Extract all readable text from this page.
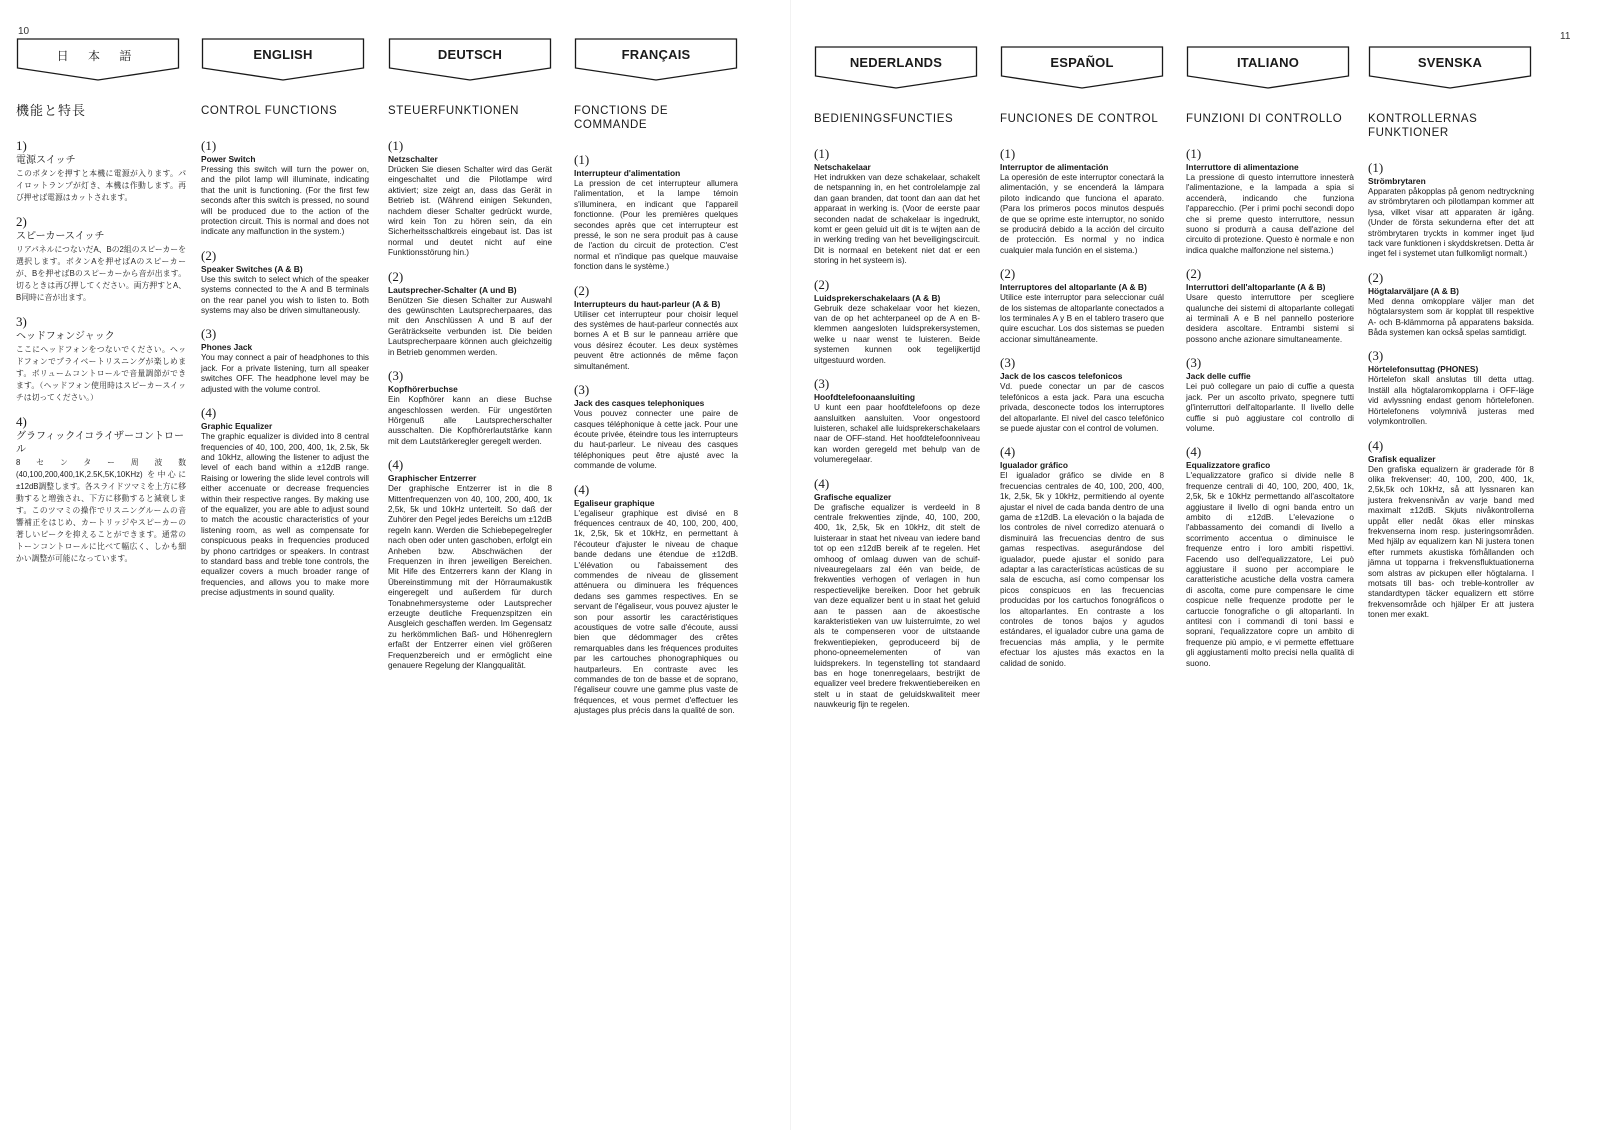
10	11
日 本 語
機能と特長
1)
電源スイッチ
このボタンを押すと本機に電源が入ります。パイロットランプが灯き、本機は作動します。再び押せば電源はカットされます。
2)
スピーカースイッチ
リアパネルにつないだA、Bの2組のスピーカーを選択します。ボタンAを押せばAのスピーカーが、Bを押せばBのスピーカーから音が出ます。切るときは再び押してください。両方押すとA、B同時に音が出ます。
3)
ヘッドフォンジャック
ここにヘッドフォンをつないでください。ヘッドフォンでプライベートリスニングが楽しめます。ボリュームコントロールで音量調節ができます。（ヘッドフォン使用時はスピーカースイッチは切ってください。）
4)
グラフィックイコライザーコントロール
8センター周波数(40,100,200,400,1K,2.5K,5K,10KHz) を中心に±12dB調整します。各スライドツマミを上方に移動すると増強され、下方に移動すると減衰します。このツマミの操作でリスニングルームの音響補正をはじめ、カートリッジやスピーカーの著しいピークを抑えることができます。通常のトーンコントロールに比べて幅広く、しかも細かい調整が可能になっています。
ENGLISH
CONTROL FUNCTIONS
(1)
Power Switch
Pressing this switch will turn the power on, and the pilot lamp will illuminate, indicating that the unit is functioning. (For the first few seconds after this switch is pressed, no sound will be produced due to the action of the protection circuit. This is normal and does not indicate any malfunction in the system.)
(2)
Speaker Switches (A & B)
Use this switch to select which of the speaker systems connected to the A and B terminals on the rear panel you wish to listen to. Both systems may also be driven simultaneously.
(3)
Phones Jack
You may connect a pair of headphones to this jack. For a private listening, turn all speaker switches OFF. The headphone level may be adjusted with the volume control.
(4)
Graphic Equalizer
The graphic equalizer is divided into 8 central frequencies of 40, 100, 200, 400, 1k, 2.5k, 5k and 10kHz, allowing the listener to adjust the level of each band within a ±12dB range. Raising or lowering the slide level controls will either accenuate or decrease frequencies within their respective ranges. By making use of the equalizer, you are able to adjust sound to match the acoustic characteristics of your listening room, as well as compensate for conspicuous peaks in frequencies produced by phono cartridges or speakers. In contrast to standard bass and treble tone controls, the equalizer covers a much broader range of frequencies, and allows you to make more precise adjustments in sound quality.
DEUTSCH
STEUERFUNKTIONEN
(1)
Netzschalter
Drücken Sie diesen Schalter wird das Gerät eingeschaltet und die Pilotlampe wird aktiviert; size zeigt an, dass das Gerät in Betrieb ist. (Während einigen Sekunden, nachdem dieser Schalter gedrückt wurde, wird kein Ton zu hören sein, da ein Sicherheitsschaltkreis eingebaut ist. Das ist normal und deutet nicht auf eine Funktionsstörung hin.)
(2)
Lautsprecher-Schalter (A und B)
Benützen Sie diesen Schalter zur Auswahl des gewünschten Lautsprecherpaares, das mit den Anschlüssen A und B auf der Geräträckseite verbunden ist. Die beiden Lautsprecherpaare können auch gleichzeitig in Betrieb genommen werden.
(3)
Kopfhörerbuchse
Ein Kopfhörer kann an diese Buchse angeschlossen werden. Für ungestörten Hörgenuß alle Lautsprecherschalter ausschalten. Die Kopfhörerlautstärke kann mit dem Lautstärkeregler geregelt werden.
(4)
Graphischer Entzerrer
Der graphische Entzerrer ist in die 8 Mittenfrequenzen von 40, 100, 200, 400, 1k 2,5k, 5k und 10kHz unterteilt. So daß der Zuhörer den Pegel jedes Bereichs um ±12dB regeln kann. Werden die Schiebepegelregler nach oben oder unten gaschoben, erfolgt ein Anheben bzw. Abschwächen der Frequenzen in ihren jeweiligen Bereichen. Mit Hife des Entzerrers kann der Klang in Übereinstimmung mit der Hörraumakustik eingeregelt und außerdem für durch Tonabnehmersysteme oder Lautsprecher erzeugte deutliche Frequenzspitzen ein Ausgleich geschaffen werden. Im Gegensatz zu herkömmlichen Baß- und Höhenreglern erfaßt der Entzerrer einen viel größeren Frequenzbereich und er ermöglicht eine genauere Regelung der Klangqualität.
FRANÇAIS
FONCTIONS DE COMMANDE
(1)
Interrupteur d'alimentation
La pression de cet interrupteur allumera l'alimentation, et la lampe témoin s'illuminera, en indicant que l'appareil fonctionne. (Pour les premières quelques secondes après que cet interrupteur est pressé, le son ne sera produit pas à cause de l'action du circuit de protection. C'est normal et n'indique pas quelque mauvaise fonction dans le système.)
(2)
Interrupteurs du haut-parleur (A & B)
Utiliser cet interrupteur pour choisir lequel des systèmes de haut-parleur connectés aux bornes A et B sur le panneau arrière que vous désirez écouter. Les deux systèmes peuvent être actionnés de même façon simultanément.
(3)
Jack des casques telephoniques
Vous pouvez connecter une paire de casques téléphonique à cette jack. Pour une écoute privée, éteindre tous les interrupteurs du haut-parleur. Le niveau des casques téléphoniques peut être ajusté avec la commande de volume.
(4)
Egaliseur graphique
L'egaliseur graphique est divisé en 8 fréquences centraux de 40, 100, 200, 400, 1k, 2,5k, 5k et 10kHz, en permettant à l'écouteur d'ajuster le niveau de chaque bande dedans une étendue de ±12dB. L'élévation ou l'abaissement des commendes de niveau de glissement atténuera ou diminuera les fréquences dedans ses gammes respectives. En se servant de l'égaliseur, vous pouvez ajuster le son pour assortir les caractéristiques acoustiques de votre salle d'écoute, aussi bien que dédommager des crêtes remarquables dans les fréquences produites par les cartouches phonographiques ou hautparleurs. En contraste avec les commandes de ton de basse et de soprano, l'égaliseur couvre une gamme plus vaste de fréquences, et vous permet d'effectuer les ajustages plus précis dans la qualité de son.
NEDERLANDS
BEDIENINGSFUNCTIES
(1)
Netschakelaar
Het indrukken van deze schakelaar, schakelt de netspanning in, en het controlelampje zal dan gaan branden, dat toont dan aan dat het apparaat in werking is. (Voor de eerste paar seconden nadat de schakelaar is ingedrukt, komt er geen geluid uit dit is te wijten aan de in werking treding van het beveiligingscircuit. Dit is normaal en betekent niet dat er een storing in het systeem is).
(2)
Luidsprekerschakelaars (A & B)
Gebruik deze schakelaar voor het kiezen, van de op het achterpaneel op de A en B-klemmen aangesloten luidsprekersystemen, welke u naar wenst te luisteren. Beide systemen kunnen ook tegelijkertijd uitgestuurd worden.
(3)
Hoofdtelefoonaansluiting
U kunt een paar hoofdtelefoons op deze aansluitken aansluiten. Voor ongestoord luisteren, schakel alle luidsprekerschakelaars naar de OFF-stand. Het hoofdtelefoonniveau kan worden geregeld met behulp van de volumeregelaar.
(4)
Grafische equalizer
De grafische equalizer is verdeeld in 8 centrale frekwenties zijnde, 40, 100, 200, 400, 1k, 2,5k, 5k en 10kHz, dit stelt de luisteraar in staat het niveau van iedere band tot op een ±12dB bereik af te regelen. Het omhoog of omlaag duwen van de schuif-niveauregelaars zal één van beide, de frekwenties verhogen of verlagen in hun respectievelijke bereiken. Door het gebruik van deze equalizer bent u in staat het geluid aan te passen aan de akoestische karakteristieken van uw luisterruimte, zo wel als te compenseren voor de uitstaande frekwentiepieken, geproduceerd bij de phono-opneemelementen of van luidsprekers. In tegenstelling tot standaard bas en hoge tonenregelaars, bestrijkt de equalizer veel bredere frekwentiebereiken en stelt u in staat de geluidskwaliteit meer nauwkeurig fijn te regelen.
ESPAÑOL
FUNCIONES DE CONTROL
(1)
Interruptor de alimentación
La operesión de este interruptor conectará la alimentación, y se encenderá la lámpara piloto indicando que funciona el aparato. (Para los primeros pocos minutos después de que se oprime este interruptor, no sonido se producirá debido a la acción del circuito de protección. Es normal y no indica cualquier mala función en el sistema.)
(2)
Interruptores del altoparlante (A & B)
Utilice este interruptor para seleccionar cuál de los sistemas de altoparlante conectados a los terminales A y B en el tablero trasero que quire escuchar. Los dos sistemas se pueden accionar simultáneamente.
(3)
Jack de los cascos telefonicos
Vd. puede conectar un par de cascos telefónicos a esta jack. Para una escucha privada, desconecte todos los interruptores del altoparlante. El nivel del casco telefónico se puede ajustar con el control de volumen.
(4)
Igualador gráfico
El igualador gráfico se divide en 8 frecuencias centrales de 40, 100, 200, 400, 1k, 2,5k, 5k y 10kHz, permitiendo al oyente ajustar el nivel de cada banda dentro de una gama de ±12dB. La elevación o la bajada de los controles de nivel corredizo atenuará o disminuirá las frecuencias dentro de sus gamas respectivas. asegurándose del igualador, puede ajustar el sonido para adaptar a las características acústicas de su sala de escucha, así como compensar los picos conspicuos en las frecuencias producidas por los cartuchos fonográficos o los altoparlantes. En contraste a los controles de tonos bajos y agudos estándares, el igualador cubre una gama de frecuencias más amplia, y le permite efectuar los ajustes más exactos en la calidad de sonido.
ITALIANO
FUNZIONI DI CONTROLLO
(1)
Interruttore di alimentazione
La pressione di questo interruttore innesterà l'alimentazione, e la lampada a spia si accenderà, indicando che funziona l'apparecchio. (Per i primi pochi secondi dopo che si preme questo interruttore, nessun suono si produrrà a causa dell'azione del circuito di protezione. Questo è normale e non indica qualche malfonzione nel sistema.)
(2)
Interruttori dell'altoparlante (A & B)
Usare questo interruttore per scegliere qualunche dei sistemi di altoparlante collegati ai terminali A e B nel pannello posteriore desidera ascoltare. Entrambi sistemi si possono anche azionare simultaneamente.
(3)
Jack delle cuffie
Lei può collegare un paio di cuffie a questa jack. Per un ascolto privato, spegnere tutti gl'interruttori dell'altoparlante. Il livello delle cuffie si può aggiustare col controllo di volume.
(4)
Equalizzatore grafico
L'equalizzatore grafico si divide nelle 8 frequenze centrali di 40, 100, 200, 400, 1k, 2,5k, 5k e 10kHz permettando all'ascoltatore aggiustare il livello di ogni banda entro un ambito di ±12dB. L'elevazione o l'abbassamento dei comandi di livello a scorrimento accentua o diminuisce le frequenze entro i loro ambiti rispettivi. Facendo uso dell'equalizzatore, Lei può aggiustare il suono per accompiare le caratteristiche acustiche della vostra camera di ascolta, come pure compensare le cime cospicue nelle frequenze prodotte per le cartuccie fonografiche o gli altoparlanti. In antitesi con i commandi di toni bassi e soprani, l'equalizzatore copre un ambito di frequenze più ampio, e vi permette effettuare gli aggiustamenti molto precisi nella qualità di suono.
SVENSKA
KONTROLLERNAS FUNKTIONER
(1)
Strömbrytaren
Apparaten påkopplas på genom nedtryckning av strömbrytaren och pilotlampan kommer att lysa, vilket visar att apparaten är igång. (Under de första sekunderna efter det att strömbrytaren tryckts in kommer inget ljud tack vare funktionen i skyddskretsen. Detta är inget fel i systemet utan fullkomligt normalt.)
(2)
Högtalarväljare (A & B)
Med denna omkopplare väljer man det högtalarsystem som är kopplat till respektive A- och B-klämmorna på apparatens baksida. Båda systemen kan också spelas samtidigt.
(3)
Hörtelefonsuttag (PHONES)
Hörtelefon skall anslutas till detta uttag. Inställ alla högtalaromkopplarna i OFF-läge vid avlyssning endast genom hörtelefonen. Hörtelefonens volymnivå justeras med volymkontrollen.
(4)
Grafisk equalizer
Den grafiska equalizern är graderade för 8 olika frekvenser: 40, 100, 200, 400, 1k, 2,5k,5k och 10kHz, så att lyssnaren kan justera frekvensnivån av varje band med maximalt ±12dB. Skjuts nivåkontrollerna uppåt eller nedåt ökas eller minskas frekvenserna inom resp. justeringsområden. Med hjälp av equalizern kan Ni justera tonen efter rummets akustiska förhållanden och jämna ut topparna i frekvensfluktuationerna som alstras av pickupen eller högtalarna. I motsats till bas- och treble-kontroller av standardtypen täcker equalizern ett större frekvensområde och hjälper Er att justera tonen mer exakt.
